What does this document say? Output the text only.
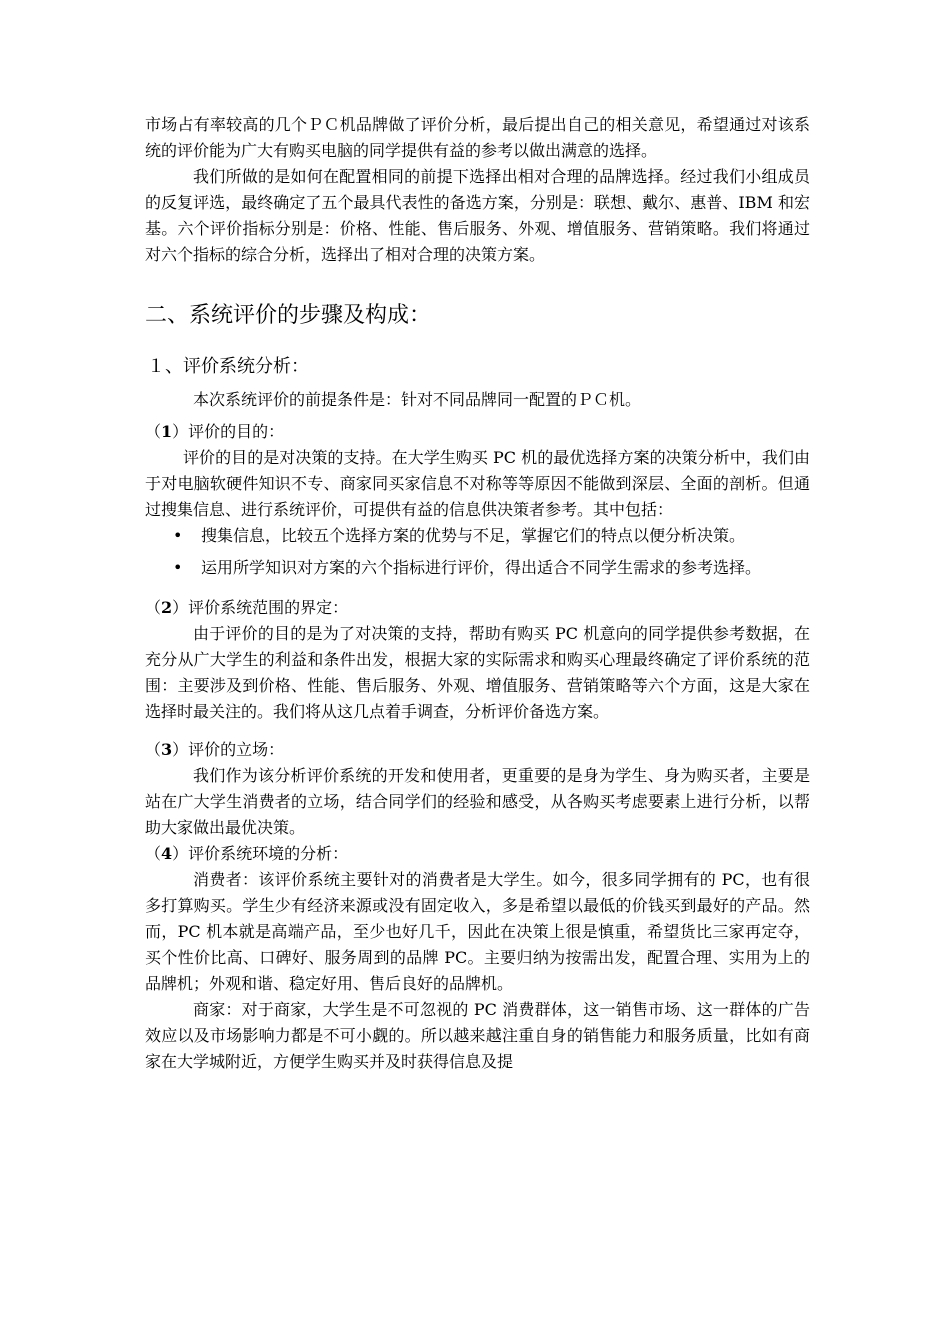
市场占有率较高的几个ＰＣ机品牌做了评价分析，最后提出自己的相关意见，希望通过对该系统的评价能为广大有购买电脑的同学提供有益的参考以做出满意的选择。

我们所做的是如何在配置相同的前提下选择出相对合理的品牌选择。经过我们小组成员的反复评选，最终确定了五个最具代表性的备选方案，分别是：联想、戴尔、惠普、IBM 和宏基。六个评价指标分别是：价格、性能、售后服务、外观、增值服务、营销策略。我们将通过对六个指标的综合分析，选择出了相对合理的决策方案。

二、系统评价的步骤及构成：

１、评价系统分析：

本次系统评价的前提条件是：针对不同品牌同一配置的ＰＣ机。

（1）评价的目的：

评价的目的是对决策的支持。在大学生购买 PC 机的最优选择方案的决策分析中，我们由于对电脑软硬件知识不专、商家同买家信息不对称等等原因不能做到深层、全面的剖析。但通过搜集信息、进行系统评价，可提供有益的信息供决策者参考。其中包括：

• 搜集信息，比较五个选择方案的优势与不足，掌握它们的特点以便分析决策。
• 运用所学知识对方案的六个指标进行评价，得出适合不同学生需求的参考选择。

（2）评价系统范围的界定：

由于评价的目的是为了对决策的支持，帮助有购买 PC 机意向的同学提供参考数据，在充分从广大学生的利益和条件出发，根据大家的实际需求和购买心理最终确定了评价系统的范围：主要涉及到价格、性能、售后服务、外观、增值服务、营销策略等六个方面，这是大家在选择时最关注的。我们将从这几点着手调查，分析评价备选方案。

（3）评价的立场：

我们作为该分析评价系统的开发和使用者，更重要的是身为学生、身为购买者，主要是站在广大学生消费者的立场，结合同学们的经验和感受，从各购买考虑要素上进行分析，以帮助大家做出最优决策。

（4）评价系统环境的分析：

消费者：该评价系统主要针对的消费者是大学生。如今，很多同学拥有的 PC，也有很多打算购买。学生少有经济来源或没有固定收入，多是希望以最低的价钱买到最好的产品。然而，PC 机本就是高端产品，至少也好几千，因此在决策上很是慎重，希望货比三家再定夺，买个性价比高、口碑好、服务周到的品牌 PC。主要归纳为按需出发，配置合理、实用为上的品牌机；外观和谐、稳定好用、售后良好的品牌机。

商家：对于商家，大学生是不可忽视的 PC 消费群体，这一销售市场、这一群体的广告效应以及市场影响力都是不可小觑的。所以越来越注重自身的销售能力和服务质量，比如有商家在大学城附近，方便学生购买并及时获得信息及提
